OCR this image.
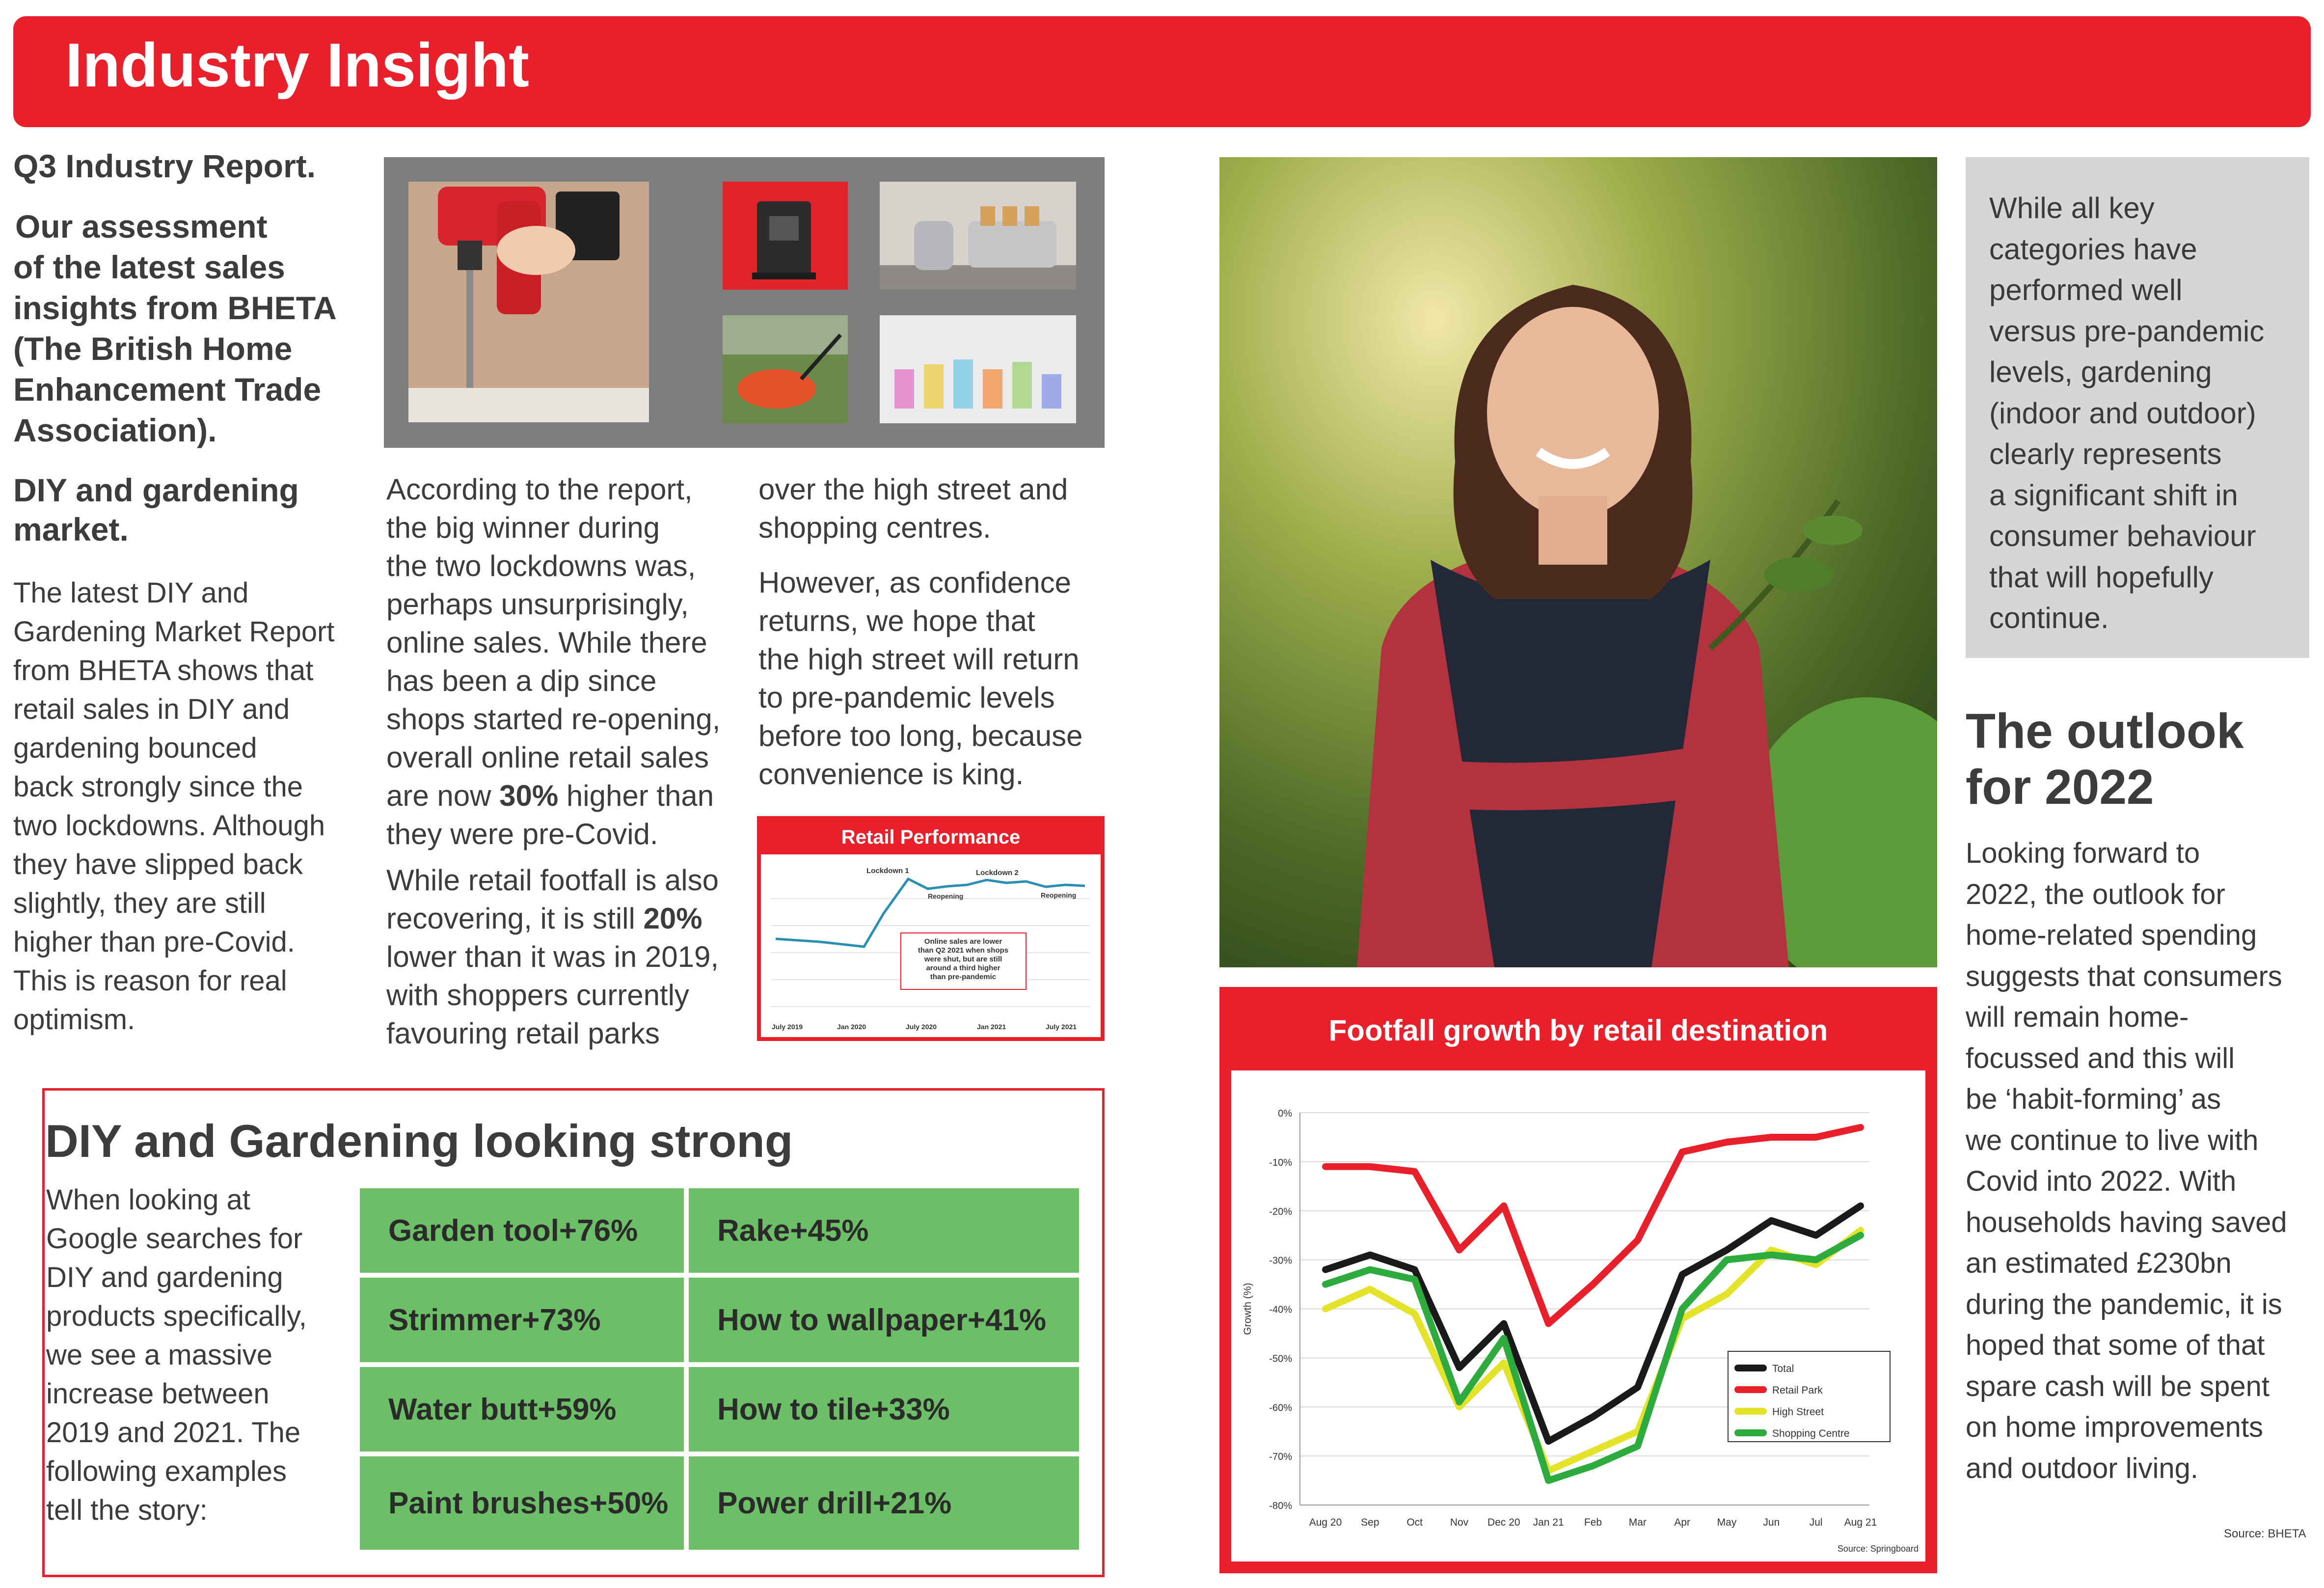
Industry Insight
Q3 Industry Report.
Our assessment
of the latest sales
insights from BHETA
(The British Home
Enhancement Trade
Association).
DIY and gardening
market.
The latest DIY and
Gardening Market Report
from BHETA shows that
retail sales in DIY and
gardening bounced
back strongly since the
two lockdowns. Although
they have slipped back
slightly, they are still
higher than pre-Covid.
This is reason for real
optimism.
According to the report,
the big winner during
the two lockdowns was,
perhaps unsurprisingly,
online sales. While there
has been a dip since
shops started re-opening,
overall online retail sales
are now 30% higher than
they were pre-Covid.
While retail footfall is also
recovering, it is still 20%
lower than it was in 2019,
with shoppers currently
favouring retail parks
over the high street and
shopping centres.
However, as confidence
returns, we hope that
the high street will return
to pre-pandemic levels
before too long, because
convenience is king.
Retail Performance
Lockdown 1	Lockdown 2
Reopening	Reopening
Online sales are lower
than Q2 2021 when shops
were shut, but are still
around a third higher
than pre-pandemic
July 2019	Jan 2020	July 2020	Jan 2021	July 2021
DIY and Gardening looking strong
When looking at
Google searches for
DIY and gardening
products specifically,
we see a massive
increase between
2019 and 2021. The
following examples
tell the story:
Garden tool +76%	Rake +45%
Strimmer +73%	How to wallpaper +41%
Water butt +59%	How to tile +33%
Paint brushes +50% Power drill +21%
While all key
categories have
performed well
versus pre-pandemic
levels, gardening
(indoor and outdoor)
clearly represents
a significant shift in
consumer behaviour
that will hopefully
continue.
The outlook
for 2022
Looking forward to
2022, the outlook for
home-related spending
suggests that consumers
will remain home-
focussed and this will
be ‘habit-forming’ as
we continue to live with
Covid into 2022. With
households having saved
an estimated £230bn
during the pandemic, it is
hoped that some of that
spare cash will be spent
on home improvements
and outdoor living.
Source: BHETA
Footfall growth by retail destination
0%
-10%
-20%
-30%
-40%
-50%
-60%
-70%
-80%
Aug 20 Sep	Oct	Nov Dec 20 Jan 21 Feb	Mar	Apr	May	Jun	Jul Aug 21
Growth (%)
Source: Springboard
Total
Retail Park
High Street
Shopping Centre
